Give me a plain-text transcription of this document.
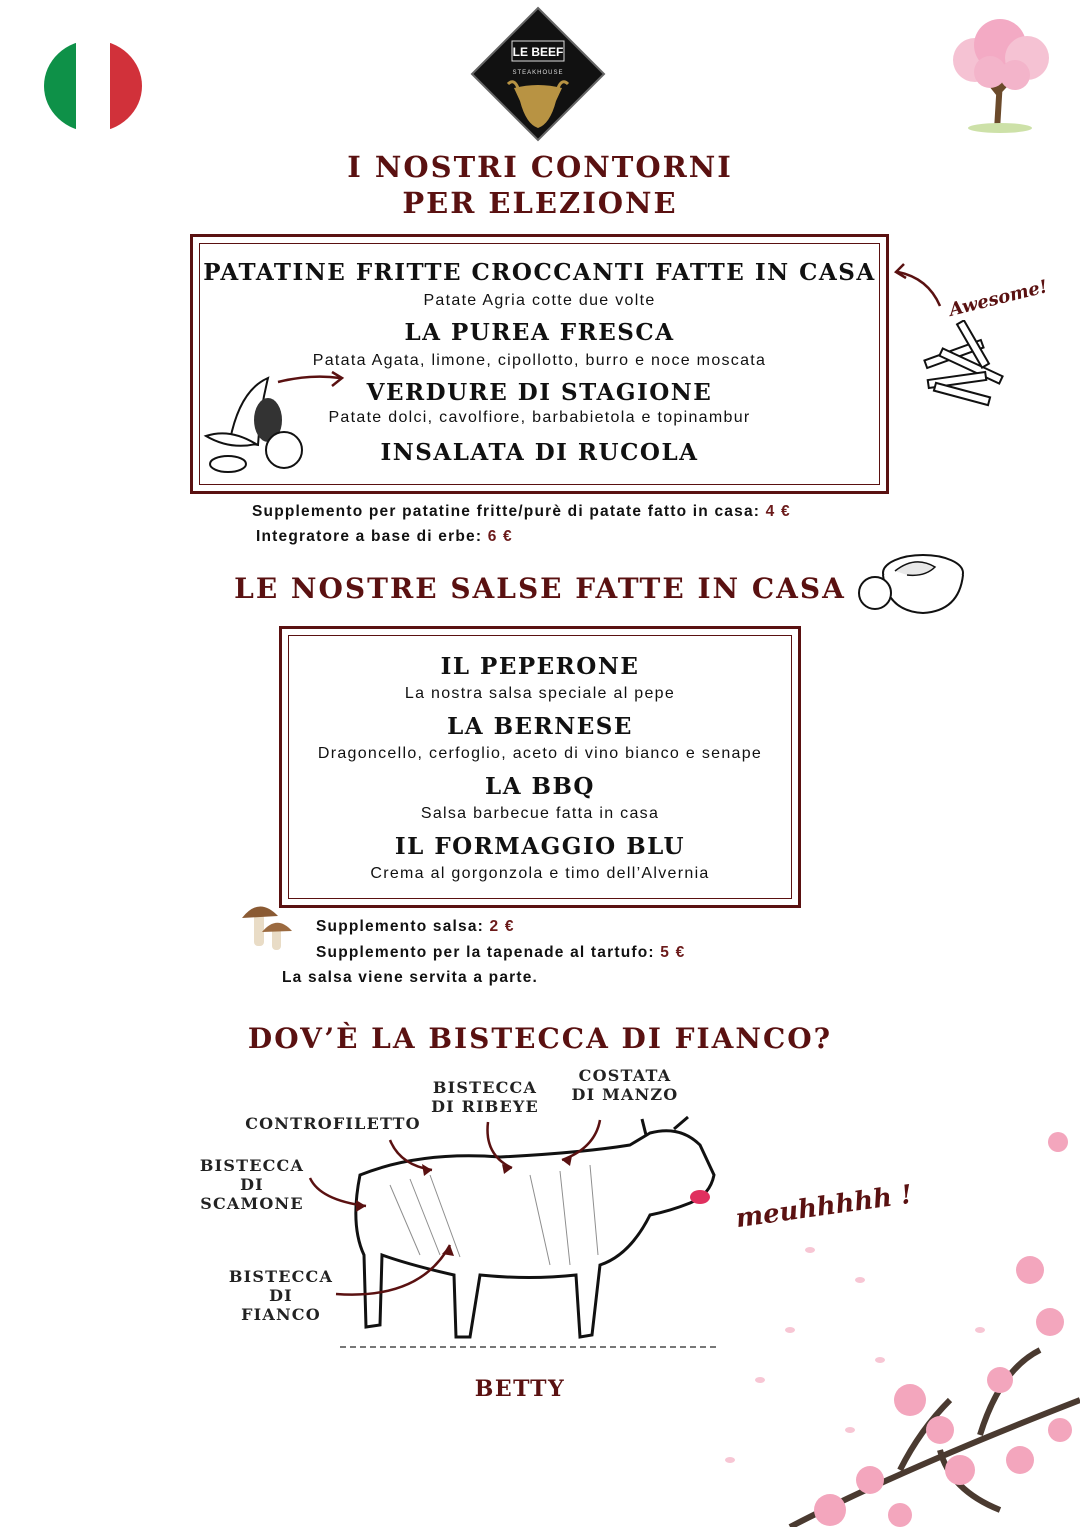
LE BEEF
STEAKHOUSE
I NOSTRI CONTORNI
PER ELEZIONE
PATATINE FRITTE CROCCANTI FATTE IN CASA
Patate Agria cotte due volte
LA PUREA FRESCA
Patata Agata, limone, cipollotto, burro e noce moscata
VERDURE DI STAGIONE
Patate dolci, cavolfiore, barbabietola e topinambur
INSALATA DI RUCOLA
Awesome!
Supplemento per patatine fritte/purè di patate fatto in casa: 4 €
Integratore a base di erbe: 6 €
LE NOSTRE SALSE FATTE IN CASA
IL PEPERONE
La nostra salsa speciale al pepe
LA BERNESE
Dragoncello, cerfoglio, aceto di vino bianco e senape
LA BBQ
Salsa barbecue fatta in casa
IL FORMAGGIO BLU
Crema al gorgonzola e timo dell’Alvernia
Supplemento salsa: 2 €
Supplemento per la tapenade al tartufo: 5 €
La salsa viene servita a parte.
DOV’È LA BISTECCA DI FIANCO?
BISTECCA
DI RIBEYE
COSTATA
DI MANZO
CONTROFILETTO
BISTECCA DI
SCAMONE
BISTECCA DI
FIANCO
meuhhhhh !
BETTY
